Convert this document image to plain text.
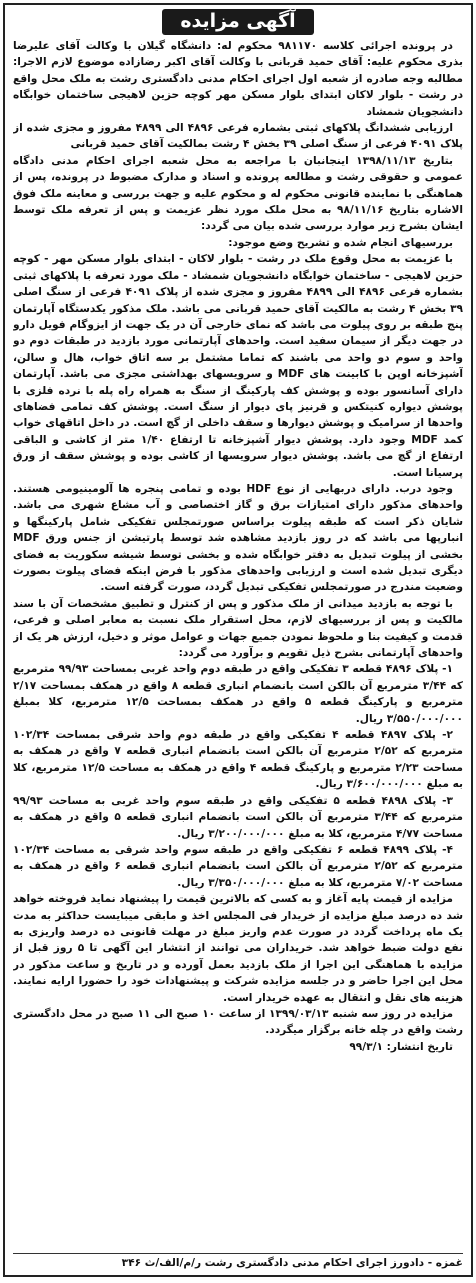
آگهی مزایده

در پرونده اجرائی کلاسه ۹۸۱۱۷۰ محکوم له: دانشگاه گیلان با وکالت آقای علیرضا بذری محکوم علیه: آقای حمید قربانی با وکالت آقای اکبر رضازاده موضوع لازم الاجرا: مطالبه وجه صادره از شعبه اول اجرای احکام مدنی دادگستری رشت به ملک محل واقع در رشت - بلوار لاکان ابتدای بلوار مسکن مهر کوچه حزین لاهیجی ساختمان خوابگاه دانشجویان شمشاد

ارزیابی ششدانگ پلاکهای ثبتی بشماره فرعی ۴۸۹۶ الی ۴۸۹۹ مفروز و مجزی شده از پلاک ۴۰۹۱ فرعی از سنگ اصلی ۳۹ بخش ۴ رشت بمالکیت آقای حمید قربانی

بتاریخ ۱۳۹۸/۱۱/۱۳ اینجانبان با مراجعه به محل شعبه اجرای احکام مدنی دادگاه عمومی و حقوقی رشت و مطالعه پرونده و اسناد و مدارک مضبوط در پرونده، پس از هماهنگی با نماینده قانونی محکوم له و محکوم علیه و جهت بررسی و معاینه ملک فوق الاشاره بتاریخ ۹۸/۱۱/۱۶ به محل ملک مورد نظر عزیمت و پس از تعرفه ملک توسط ایشان بشرح زیر موارد بررسی شده بیان می گردد:

بررسیهای انجام شده و تشریح وضع موجود:

با عزیمت به محل وقوع ملک در رشت - بلوار لاکان - ابتدای بلوار مسکن مهر - کوچه حزین لاهیجی - ساختمان خوابگاه دانشجویان شمشاد - ملک مورد تعرفه با پلاکهای ثبتی بشماره فرعی ۴۸۹۶ الی ۴۸۹۹ مفروز و مجزی شده از پلاک ۴۰۹۱ فرعی از سنگ اصلی ۳۹ بخش ۴ رشت به مالکیت آقای حمید قربانی می باشد. ملک مذکور یکدستگاه آپارتمان پنج طبقه بر روی پیلوت می باشد که نمای خارجی آن در یک جهت از ایزوگام فویل دارو در جهت دیگر از سیمان سفید است. واحدهای آپارتمانی مورد بازدید در طبقات دوم دو واحد و سوم دو واحد می باشند که تماما مشتمل بر سه اتاق خواب، هال و سالن، آشپزخانه اوپن با کابینت های MDF و سرویسهای بهداشتی مجزی می باشد. آپارتمان دارای آسانسور بوده و پوشش کف پارکینگ از سنگ به همراه راه پله با نرده فلزی با پوشش دیواره کنیتکس و قرنیز پای دیوار از سنگ است. پوشش کف تمامی فضاهای واحدها از سرامیک و پوشش دیوارها و سقف داخلی از گچ است. در داخل اتاقهای خواب کمد MDF وجود دارد. پوشش دیوار آشپزخانه تا ارتفاع ۱/۴۰ متر از کاشی و الباقی ارتفاع از گچ می باشد. پوشش دیوار سرویسها از کاشی بوده و پوشش سقف از ورق پرسیانا است.

وجود درب. دارای دربهایی از نوع HDF بوده و تمامی پنجره ها آلومینیومی هستند. واحدهای مذکور دارای امتیازات برق و گاز اختصاصی و آب مشاع شهری می باشد. شایان ذکر است که طبقه پیلوت براساس صورتمجلس تفکیکی شامل پارکینگها و انبارپها می باشد که در روز بازدید مشاهده شد توسط پارتیشن از جنس ورق MDF بخشی از پیلوت تبدیل به دفتر خوابگاه شده و بخشی توسط شیشه سکوریت به فضای دیگری تبدیل شده است و ارزیابی واحدهای مذکور با فرض اینکه فضای پیلوت بصورت وضعیت مندرج در صورتمجلس تفکیکی تبدیل گردد، صورت گرفته است.

با توجه به بازدید میدانی از ملک مذکور و پس از کنترل و تطبیق مشخصات آن با سند مالکیت و پس از بررسیهای لازم، محل استقرار ملک نسبت به معابر اصلی و فرعی، قدمت و کیفیت بنا و ملحوظ نمودن جمیع جهات و عوامل موثر و دخیل، ارزش هر یک از واحدهای آپارتمانی بشرح ذیل تقویم و برآورد می گردد:

۱- پلاک ۴۸۹۶ قطعه ۳ تفکیکی واقع در طبقه دوم واحد غربی بمساحت ۹۹/۹۳ مترمربع که ۳/۴۴ مترمربع آن بالکن است بانضمام انباری قطعه ۸ واقع در همکف بمساحت ۲/۱۷ مترمربع و پارکینگ قطعه ۵ واقع در همکف بمساحت ۱۲/۵ مترمربع، کلا بمبلغ ۳/۵۵۰/۰۰۰/۰۰۰ ریال.

۲- پلاک ۴۸۹۷ قطعه ۴ تفکیکی واقع در طبقه دوم واحد شرقی بمساحت ۱۰۲/۳۴ مترمربع که ۲/۵۲ مترمربع آن بالکن است بانضمام انباری قطعه ۷ واقع در همکف به مساحت ۲/۲۳ مترمربع و پارکینگ قطعه ۴ واقع در همکف به مساحت ۱۲/۵ مترمربع، کلا به مبلغ ۳/۶۰۰/۰۰۰/۰۰۰ ریال.

۳- پلاک ۴۸۹۸ قطعه ۵ تفکیکی واقع در طبقه سوم واحد غربی به مساحت ۹۹/۹۳ مترمربع که ۳/۴۴ مترمربع آن بالکن است بانضمام انباری قطعه ۵ واقع در همکف به مساحت ۴/۷۷ مترمربع، کلا به مبلغ ۳/۲۰۰/۰۰۰/۰۰۰ ریال.

۴- پلاک ۴۸۹۹ قطعه ۶ تفکیکی واقع در طبقه سوم واحد شرقی به مساحت ۱۰۲/۳۴ مترمربع که ۲/۵۲ مترمربع آن بالکن است بانضمام انباری قطعه ۶ واقع در همکف به مساحت ۷/۰۲ مترمربع، کلا به مبلغ ۳/۳۵۰/۰۰۰/۰۰۰ ریال.

مزایده از قیمت پایه آغاز و به کسی که بالاترین قیمت را پیشنهاد نماید فروخته خواهد شد ده درصد مبلغ مزایده از خریدار فی المجلس اخذ و مابقی میبایست حداکثر به مدت یک ماه پرداخت گردد در صورت عدم واریز مبلغ در مهلت قانونی ده درصد واریزی به نفع دولت ضبط خواهد شد. خریداران می توانند از انتشار این آگهی تا ۵ روز قبل از مزایده با هماهنگی این اجرا از ملک بازدید بعمل آورده و در تاریخ و ساعت مذکور در محل این اجرا حاضر و در جلسه مزایده شرکت و پیشنهادات خود را حضورا ارایه نمایند. هزینه های نقل و انتقال به عهده خریدار است.

مزایده در روز سه شنبه ۱۳۹۹/۰۳/۱۳ از ساعت ۱۰ صبح الی ۱۱ صبح در محل دادگستری رشت واقع در چله خانه برگزار میگردد.

تاریخ انتشار: ۹۹/۳/۱

غمزه - دادورز اجرای احکام مدنی دادگستری رشت ر/م/الف/ث ۳۴۶
